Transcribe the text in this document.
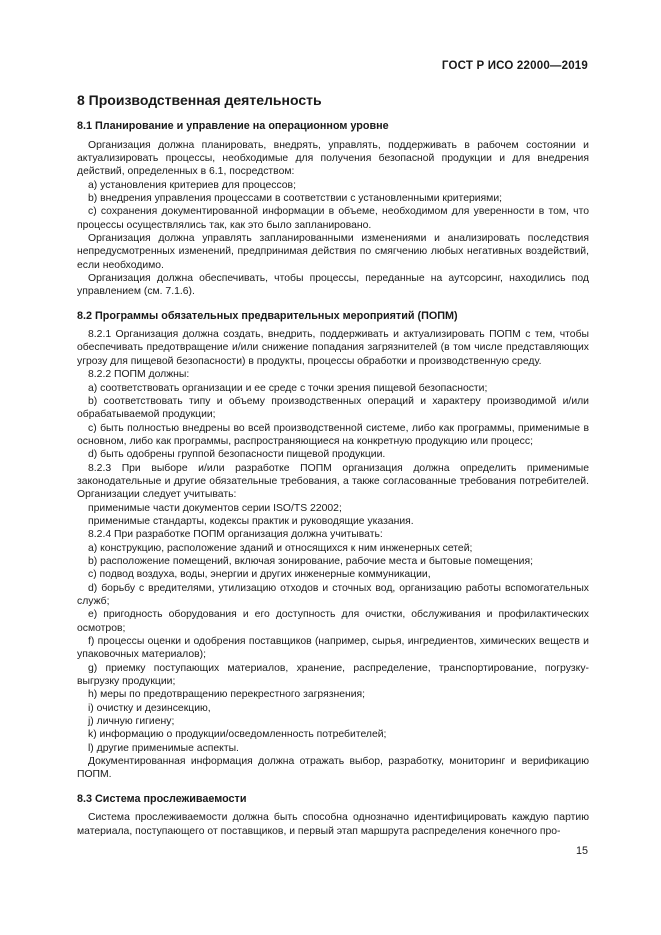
ГОСТ Р ИСО 22000—2019
8 Производственная деятельность
8.1 Планирование и управление на операционном уровне

Организация должна планировать, внедрять, управлять, поддерживать в рабочем состоянии и актуализировать процессы, необходимые для получения безопасной продукции и для внедрения действий, определенных в 6.1, посредством:

а) установления критериев для процессов;

b) внедрения управления процессами в соответствии с установленными критериями;

c) сохранения документированной информации в объеме, необходимом для уверенности в том, что процессы осуществлялись так, как это было запланировано.

Организация должна управлять запланированными изменениями и анализировать последствия непредусмотренных изменений, предпринимая действия по смягчению любых негативных воздействий, если необходимо.

Организация должна обеспечивать, чтобы процессы, переданные на аутсорсинг, находились под управлением (см. 7.1.6).

8.2 Программы обязательных предварительных мероприятий (ПОПМ)

8.2.1 Организация должна создать, внедрить, поддерживать и актуализировать ПОПМ с тем, чтобы обеспечивать предотвращение и/или снижение попадания загрязнителей (в том числе представляющих угрозу для пищевой безопасности) в продукты, процессы обработки и производственную среду.

8.2.2 ПОПМ должны:

а) соответствовать организации и ее среде с точки зрения пищевой безопасности;

b) соответствовать типу и объему производственных операций и характеру производимой и/или обрабатываемой продукции;

c) быть полностью внедрены во всей производственной системе, либо как программы, применимые в основном, либо как программы, распространяющиеся на конкретную продукцию или процесс;

d) быть одобрены группой безопасности пищевой продукции.

8.2.3 При выборе и/или разработке ПОПМ организация должна определить применимые законодательные и другие обязательные требования, а также согласованные требования потребителей. Организации следует учитывать:

применимые части документов серии ISO/TS 22002;

применимые стандарты, кодексы практик и руководящие указания.

8.2.4 При разработке ПОПМ организация должна учитывать:

а) конструкцию, расположение зданий и относящихся к ним инженерных сетей;

b) расположение помещений, включая зонирование, рабочие места и бытовые помещения;

c) подвод воздуха, воды, энергии и других инженерные коммуникации,

d) борьбу с вредителями, утилизацию отходов и сточных вод, организацию работы вспомогательных служб;

e) пригодность оборудования и его доступность для очистки, обслуживания и профилактических осмотров;

f) процессы оценки и одобрения поставщиков (например, сырья, ингредиентов, химических веществ и упаковочных материалов);

g) приемку поступающих материалов, хранение, распределение, транспортирование, погрузку-выгрузку продукции;

h) меры по предотвращению перекрестного загрязнения;

i) очистку и дезинсекцию,

j) личную гигиену;

k) информацию о продукции/осведомленность потребителей;

l) другие применимые аспекты.

Документированная информация должна отражать выбор, разработку, мониторинг и верификацию ПОПМ.

8.3 Система прослеживаемости

Система прослеживаемости должна быть способна однозначно идентифицировать каждую партию материала, поступающего от поставщиков, и первый этап маршрута распределения конечного про-

15
